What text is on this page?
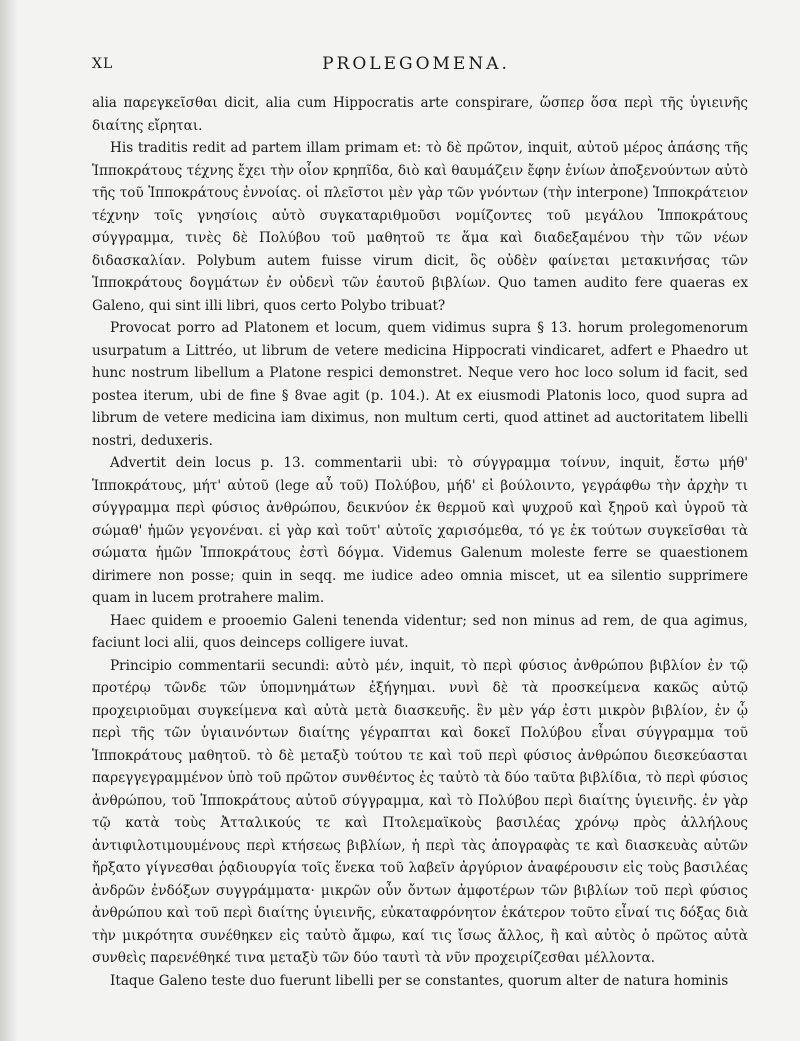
XL	PROLEGOMENA.

alia παρεγκεῖσθαι dicit, alia cum Hippocratis arte conspirare, ὥσπερ ὅσα περὶ τῆς ὑγιεινῆς διαίτης εἴρηται.

His traditis redit ad partem illam primam et: τὸ δὲ πρῶτον, inquit, αὐτοῦ μέρος ἁπάσης τῆς Ἱπποκράτους τέχνης ἔχει τὴν οἷον κρηπῖδα, διὸ καὶ θαυμάζειν ἔφην ἐνίων ἀποξενούντων αὐτὸ τῆς τοῦ Ἱπποκράτους ἐννοίας. οἱ πλεῖστοι μὲν γὰρ τῶν γνόντων (τὴν interpone) Ἱπποκράτειον τέχνην τοῖς γνησίοις αὐτὸ συγκαταριθμοῦσι νομίζοντες τοῦ μεγάλου Ἱπποκράτους σύγγραμμα, τινὲς δὲ Πολύβου τοῦ μαθητοῦ τε ἅμα καὶ διαδεξαμένου τὴν τῶν νέων διδασκαλίαν. Polybum autem fuisse virum dicit, ὃς οὐδὲν φαίνεται μετακινήσας τῶν Ἱπποκράτους δογμάτων ἐν οὐδενὶ τῶν ἑαυτοῦ βιβλίων. Quo tamen audito fere quaeras ex Galeno, qui sint illi libri, quos certo Polybo tribuat?

Provocat porro ad Platonem et locum, quem vidimus supra § 13. horum prolegomenorum usurpatum a Littréo, ut librum de vetere medicina Hippocrati vindicaret, adfert e Phaedro ut hunc nostrum libellum a Platone respici demonstret. Neque vero hoc loco solum id facit, sed postea iterum, ubi de fine § 8vae agit (p. 104.). At ex eiusmodi Platonis loco, quod supra ad librum de vetere medicina iam diximus, non multum certi, quod attinet ad auctoritatem libelli nostri, deduxeris.

Advertit dein locus p. 13. commentarii ubi: τὸ σύγγραμμα τοίνυν, inquit, ἔστω μήθ' Ἱπποκράτους, μήτ' αὐτοῦ (lege αὖ τοῦ) Πολύβου, μήδ' εἰ βούλοιντο, γεγράφθω τὴν ἀρχὴν τι σύγγραμμα περὶ φύσιος ἀνθρώπου, δεικνύον ἐκ θερμοῦ καὶ ψυχροῦ καὶ ξηροῦ καὶ ὑγροῦ τὰ σώμαθ' ἡμῶν γεγονέναι. εἰ γὰρ καὶ τοῦτ' αὐτοῖς χαρισόμεθα, τό γε ἐκ τούτων συγκεῖσθαι τὰ σώματα ἡμῶν Ἱπποκράτους ἐστὶ δόγμα. Videmus Galenum moleste ferre se quaestionem dirimere non posse; quin in seqq. me iudice adeo omnia miscet, ut ea silentio supprimere quam in lucem protrahere malim.

Haec quidem e prooemio Galeni tenenda videntur; sed non minus ad rem, de qua agimus, faciunt loci alii, quos deinceps colligere iuvat.

Principio commentarii secundi: αὐτὸ μέν, inquit, τὸ περὶ φύσιος ἀνθρώπου βιβλίον ἐν τῷ προτέρῳ τῶνδε τῶν ὑπομνημάτων ἐξήγημαι. νυνὶ δὲ τὰ προσκείμενα κακῶς αὐτῷ προχειριοῦμαι συγκείμενα καὶ αὐτὰ μετὰ διασκευῆς. ἓν μὲν γάρ ἐστι μικρὸν βιβλίον, ἐν ᾧ περὶ τῆς τῶν ὑγιαινόντων διαίτης γέγραπται καὶ δοκεῖ Πολύβου εἶναι σύγγραμμα τοῦ Ἱπποκράτους μαθητοῦ. τὸ δὲ μεταξὺ τούτου τε καὶ τοῦ περὶ φύσιος ἀνθρώπου διεσκεύασται παρεγγεγραμμένον ὑπὸ τοῦ πρῶτον συνθέντος ἐς ταὐτὸ τὰ δύο ταῦτα βιβλίδια, τὸ περὶ φύσιος ἀνθρώπου, τοῦ Ἱπποκράτους αὐτοῦ σύγγραμμα, καὶ τὸ Πολύβου περὶ διαίτης ὑγιεινῆς. ἐν γὰρ τῷ κατὰ τοὺς Ἀτταλικούς τε καὶ Πτολεμαϊκοὺς βασιλέας χρόνῳ πρὸς ἀλλήλους ἀντιφιλοτιμουμένους περὶ κτήσεως βιβλίων, ἡ περὶ τὰς ἀπογραφὰς τε καὶ διασκευὰς αὐτῶν ἤρξατο γίγνεσθαι ῥᾳδιουργία τοῖς ἕνεκα τοῦ λαβεῖν ἀργύριον ἀναφέρουσιν εἰς τοὺς βασιλέας ἀνδρῶν ἐνδόξων συγγράμματα· μικρῶν οὖν ὄντων ἀμφοτέρων τῶν βιβλίων τοῦ περὶ φύσιος ἀνθρώπου καὶ τοῦ περὶ διαίτης ὑγιεινῆς, εὐκαταφρόνητον ἑκάτερον τοῦτο εἶναί τις δόξας διὰ τὴν μικρότητα συνέθηκεν εἰς ταὐτὸ ἄμφω, καί τις ἴσως ἄλλος, ἢ καὶ αὐτὸς ὁ πρῶτος αὐτὰ συνθεὶς παρενέθηκέ τινα μεταξὺ τῶν δύο ταυτὶ τὰ νῦν προχειρίζεσθαι μέλλοντα.

Itaque Galeno teste duo fuerunt libelli per se constantes, quorum alter de natura hominis
